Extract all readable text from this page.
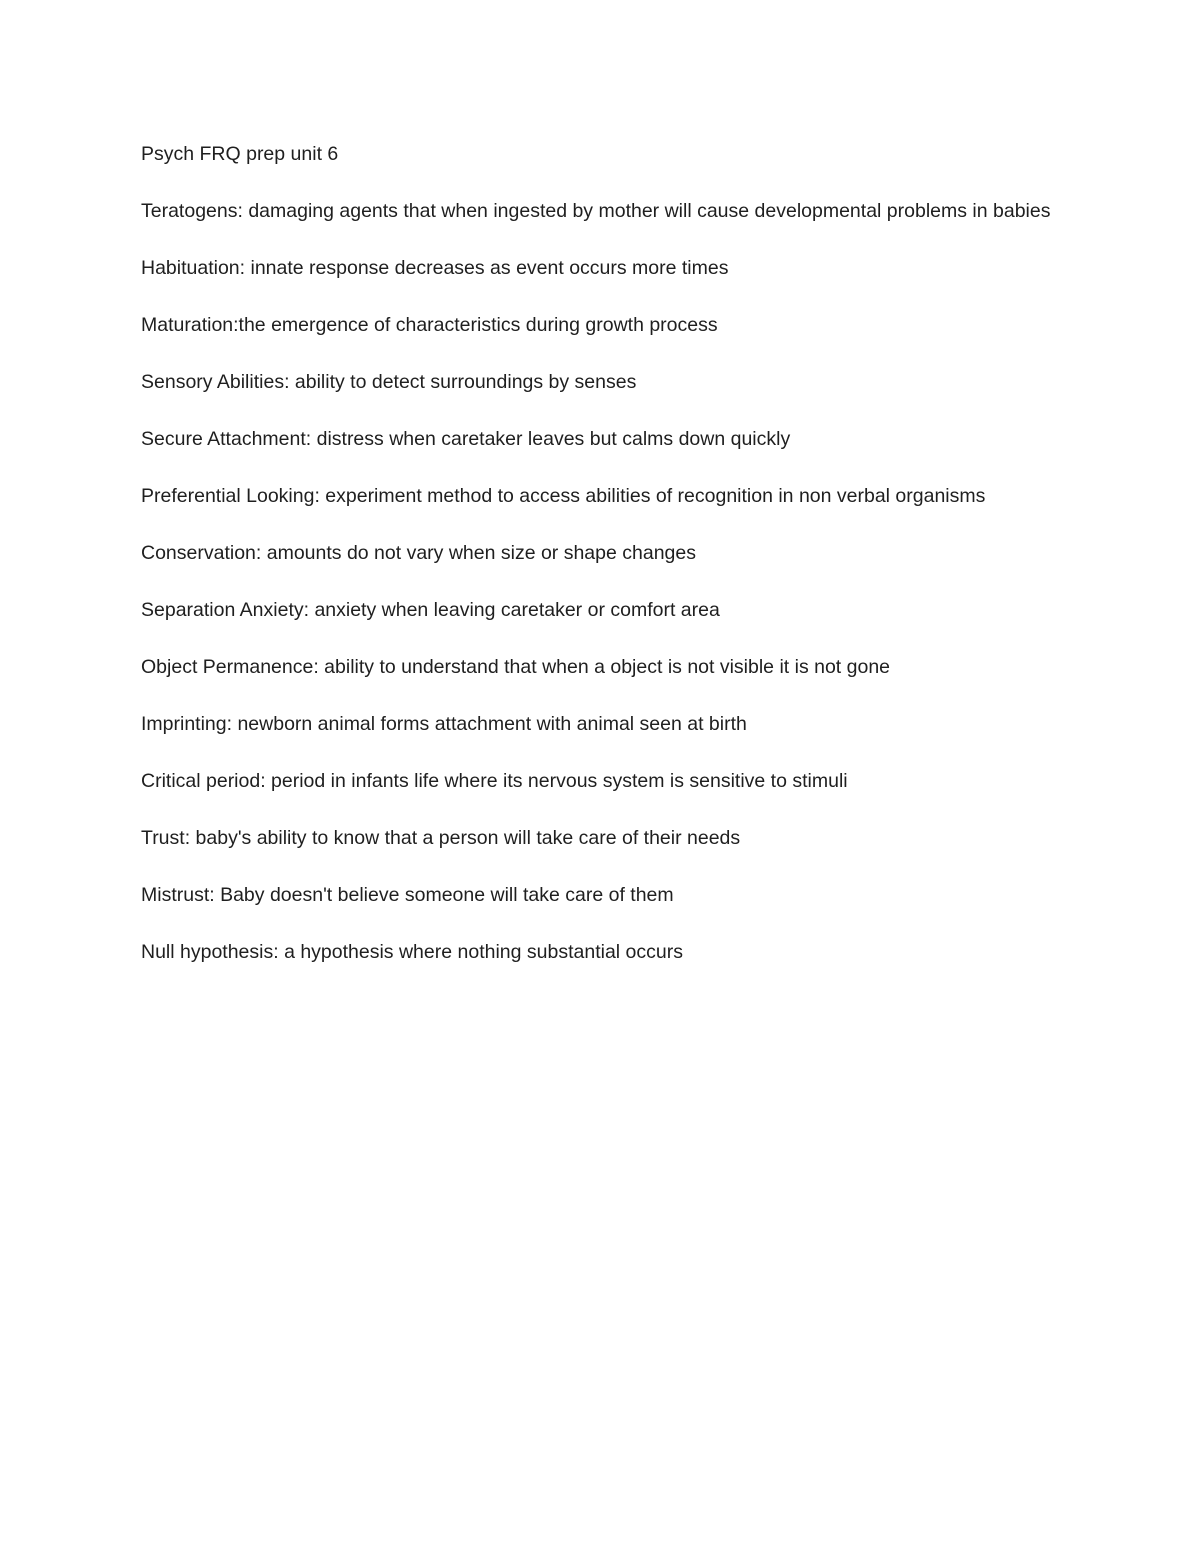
Psych FRQ prep unit 6

Teratogens: damaging agents that when ingested by mother will cause developmental problems in babies

Habituation: innate response decreases as event occurs more times

Maturation:the emergence of characteristics during growth process

Sensory Abilities: ability to detect surroundings by senses

Secure Attachment: distress when caretaker leaves but calms down quickly

Preferential Looking: experiment method to access abilities of recognition in non verbal organisms

Conservation: amounts do not vary when size or shape changes

Separation Anxiety: anxiety when leaving caretaker or comfort area

Object Permanence: ability to understand that when a object is not visible it is not gone

Imprinting: newborn animal forms attachment with animal seen at birth

Critical period: period in infants life where its nervous system is sensitive to stimuli

Trust: baby's ability to know that a person will take care of their needs

Mistrust: Baby doesn't believe someone will take care of them

Null hypothesis: a hypothesis where nothing substantial occurs
